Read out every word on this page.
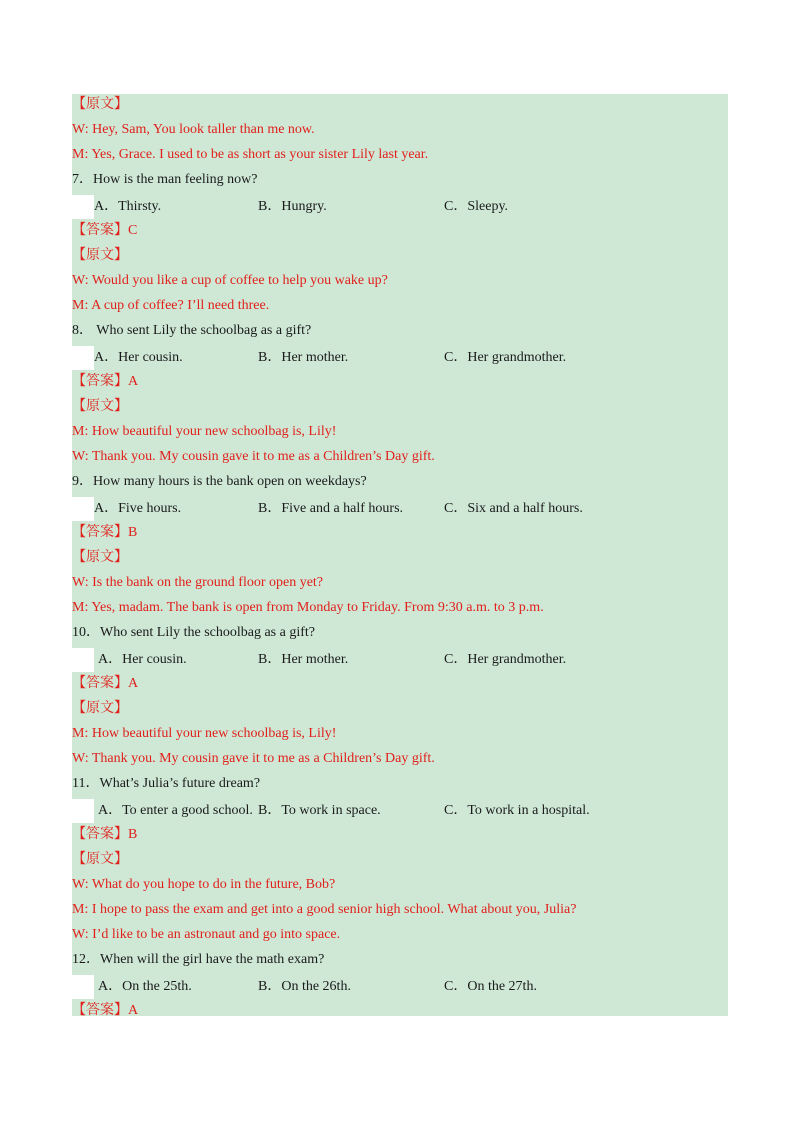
【原文】
W: Hey, Sam, You look taller than me now.
M: Yes, Grace. I used to be as short as your sister Lily last year.
7．How is the man feeling now?
A．Thirsty.	B．Hungry.	C．Sleepy.
【答案】C
【原文】
W: Would you like a cup of coffee to help you wake up?
M: A cup of coffee? I’ll need three.
8． Who sent Lily the schoolbag as a gift?
A．Her cousin.	B．Her mother.	C．Her grandmother.
【答案】A
【原文】
M: How beautiful your new schoolbag is, Lily!
W: Thank you. My cousin gave it to me as a Children’s Day gift.
9．How many hours is the bank open on weekdays?
A．Five hours.	B．Five and a half hours.	C．Six and a half hours.
【答案】B
【原文】
W: Is the bank on the ground floor open yet?
M: Yes, madam. The bank is open from Monday to Friday. From 9:30 a.m. to 3 p.m.
10．Who sent Lily the schoolbag as a gift?
A．Her cousin.	B．Her mother.	C．Her grandmother.
【答案】A
【原文】
M: How beautiful your new schoolbag is, Lily!
W: Thank you. My cousin gave it to me as a Children’s Day gift.
11．What’s Julia’s future dream?
A．To enter a good school. B．To work in space.	C．To work in a hospital.
【答案】B
【原文】
W: What do you hope to do in the future, Bob?
M: I hope to pass the exam and get into a good senior high school. What about you, Julia?
W: I’d like to be an astronaut and go into space.
12．When will the girl have the math exam?
A．On the 25th.	B．On the 26th.	C．On the 27th.
【答案】A
